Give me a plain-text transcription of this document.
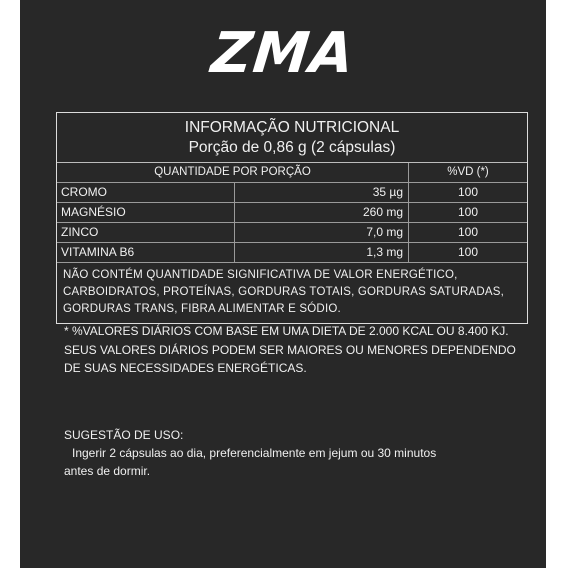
ZMA
INFORMAÇÃO NUTRICIONAL
Porção de 0,86 g (2 cápsulas)
QUANTIDADE POR PORÇÃO	%VD (*)
CROMO	35 µg	100
MAGNÉSIO	260 mg	100
ZINCO	7,0 mg	100
VITAMINA B6	1,3 mg	100
NÃO CONTÉM QUANTIDADE SIGNIFICATIVA DE VALOR ENERGÉTICO,
CARBOIDRATOS, PROTEÍNAS, GORDURAS TOTAIS, GORDURAS SATURADAS,
GORDURAS TRANS, FIBRA ALIMENTAR E SÓDIO.
* %VALORES DIÁRIOS COM BASE EM UMA DIETA DE 2.000 KCAL OU 8.400 KJ.
SEUS VALORES DIÁRIOS PODEM SER MAIORES OU MENORES DEPENDENDO
DE SUAS NECESSIDADES ENERGÉTICAS.
SUGESTÃO DE USO:
Ingerir 2 cápsulas ao dia, preferencialmente em jejum ou 30 minutos
antes de dormir.
